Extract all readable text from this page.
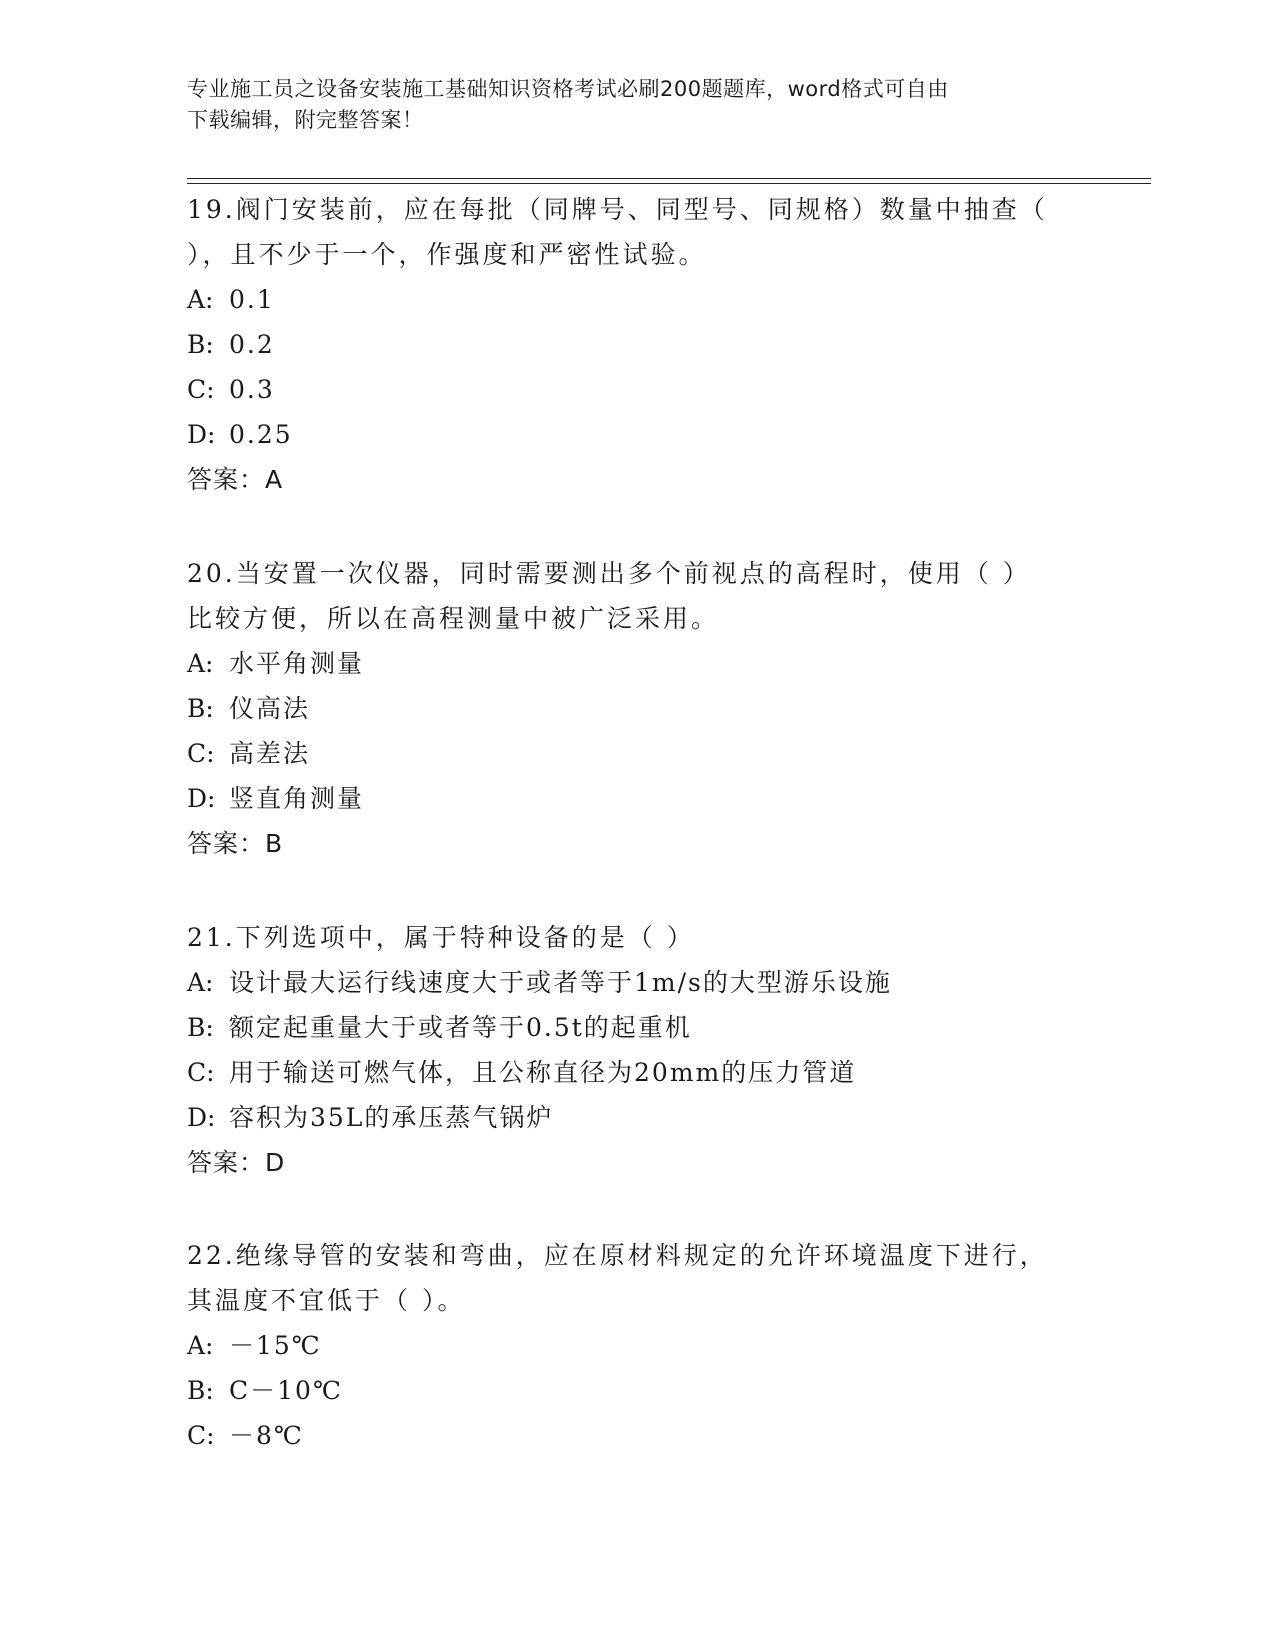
专业施工员之设备安装施工基础知识资格考试必刷200题题库，word格式可自由
下载编辑，附完整答案！
19.阀门安装前，应在每批（同牌号、同型号、同规格）数量中抽查（
），且不少于一个，作强度和严密性试验。
A: 0.1
B: 0.2
C: 0.3
D: 0.25
答案：A
20.当安置一次仪器，同时需要测出多个前视点的高程时，使用（ ）
比较方便，所以在高程测量中被广泛采用。
A: 水平角测量
B: 仪高法
C: 高差法
D: 竖直角测量
答案：B
21.下列选项中，属于特种设备的是（ ）
A: 设计最大运行线速度大于或者等于1m/s的大型游乐设施
B: 额定起重量大于或者等于0.5t的起重机
C: 用于输送可燃气体，且公称直径为20mm的压力管道
D: 容积为35L的承压蒸气锅炉
答案：D
22.绝缘导管的安装和弯曲，应在原材料规定的允许环境温度下进行，
其温度不宜低于（ ）。
A: －15℃
B: C－10℃
C: －8℃
